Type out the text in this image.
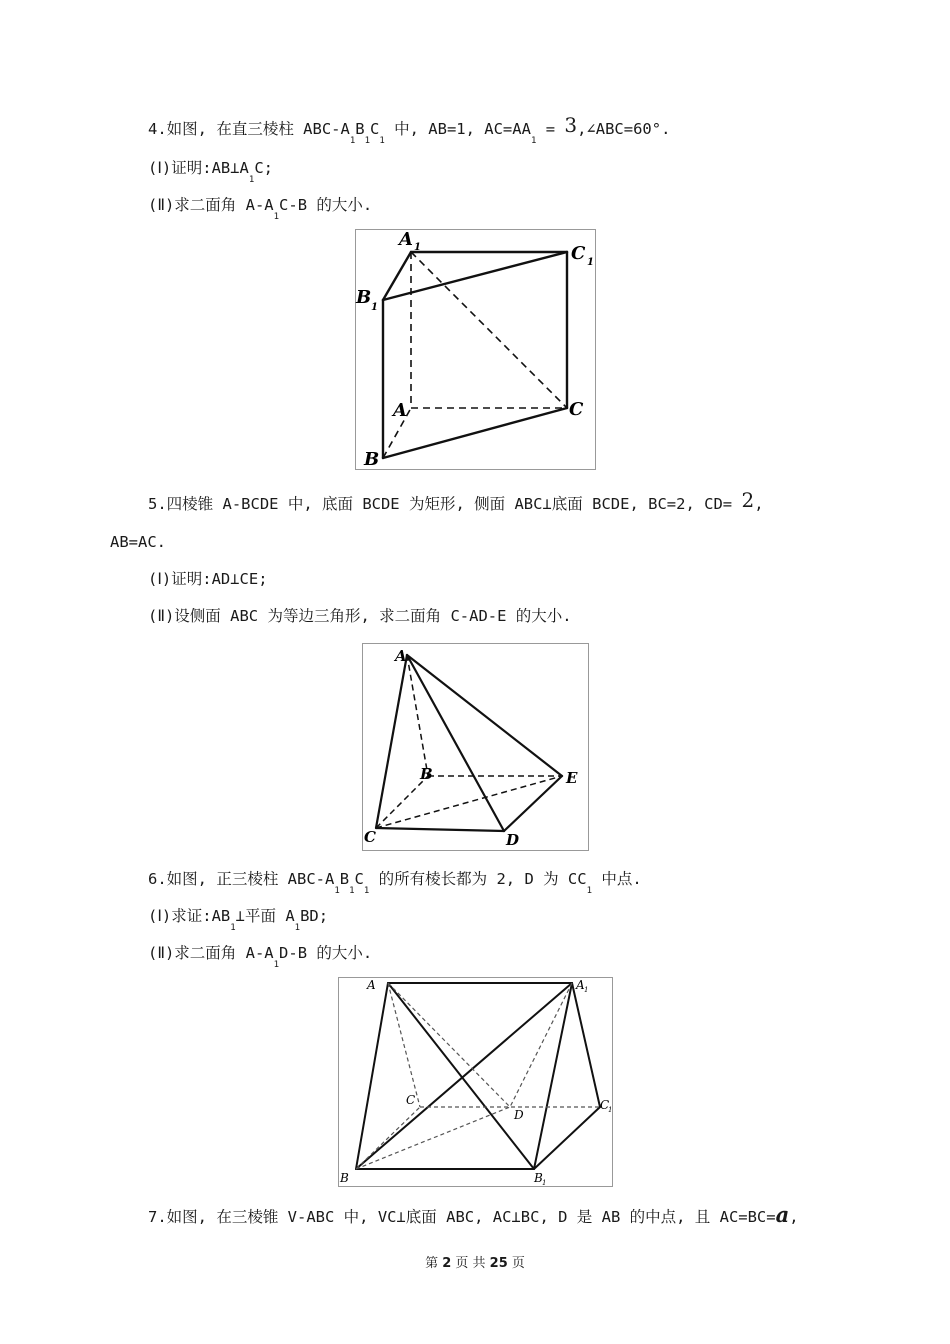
4.如图, 在直三棱柱 ABC-$A_1B_1C_1$ 中, AB=1, $AC=AA_1$ = 3,∠ABC=60°.
(Ⅰ)证明$:AB\perp A_1C$;
(Ⅱ)求二面角 $A-A_1C-B$ 的大小.
A 1	C 1
B 1
A	C
B
5.四棱锥 A-BCDE 中, 底面 BCDE 为矩形, 侧面 ABC⊥底面 BCDE, BC=2, CD= 2,
AB=AC.
(Ⅰ)证明:AD⊥CE;
(Ⅱ)设侧面 ABC 为等边三角形, 求二面角 C-AD-E 的大小.
A
B	E
C	D
6.如图, 正三棱柱 ABC-$A_1B_1C_1$ 的所有棱长都为 2, D 为 $CC_1$ 中点.
(Ⅰ)求证$:AB_1\perp$平面 $A_1BD$;
(Ⅱ)求二面角 $A-A_1D-B$ 的大小.
A	A 1
C
D
C
1
B	B 1
7.如图, 在三棱锥 V-ABC 中, VC⊥底面 ABC, AC⊥BC, D 是 AB 的中点, 且 AC=BC=a,
第 2 页 共 25 页
